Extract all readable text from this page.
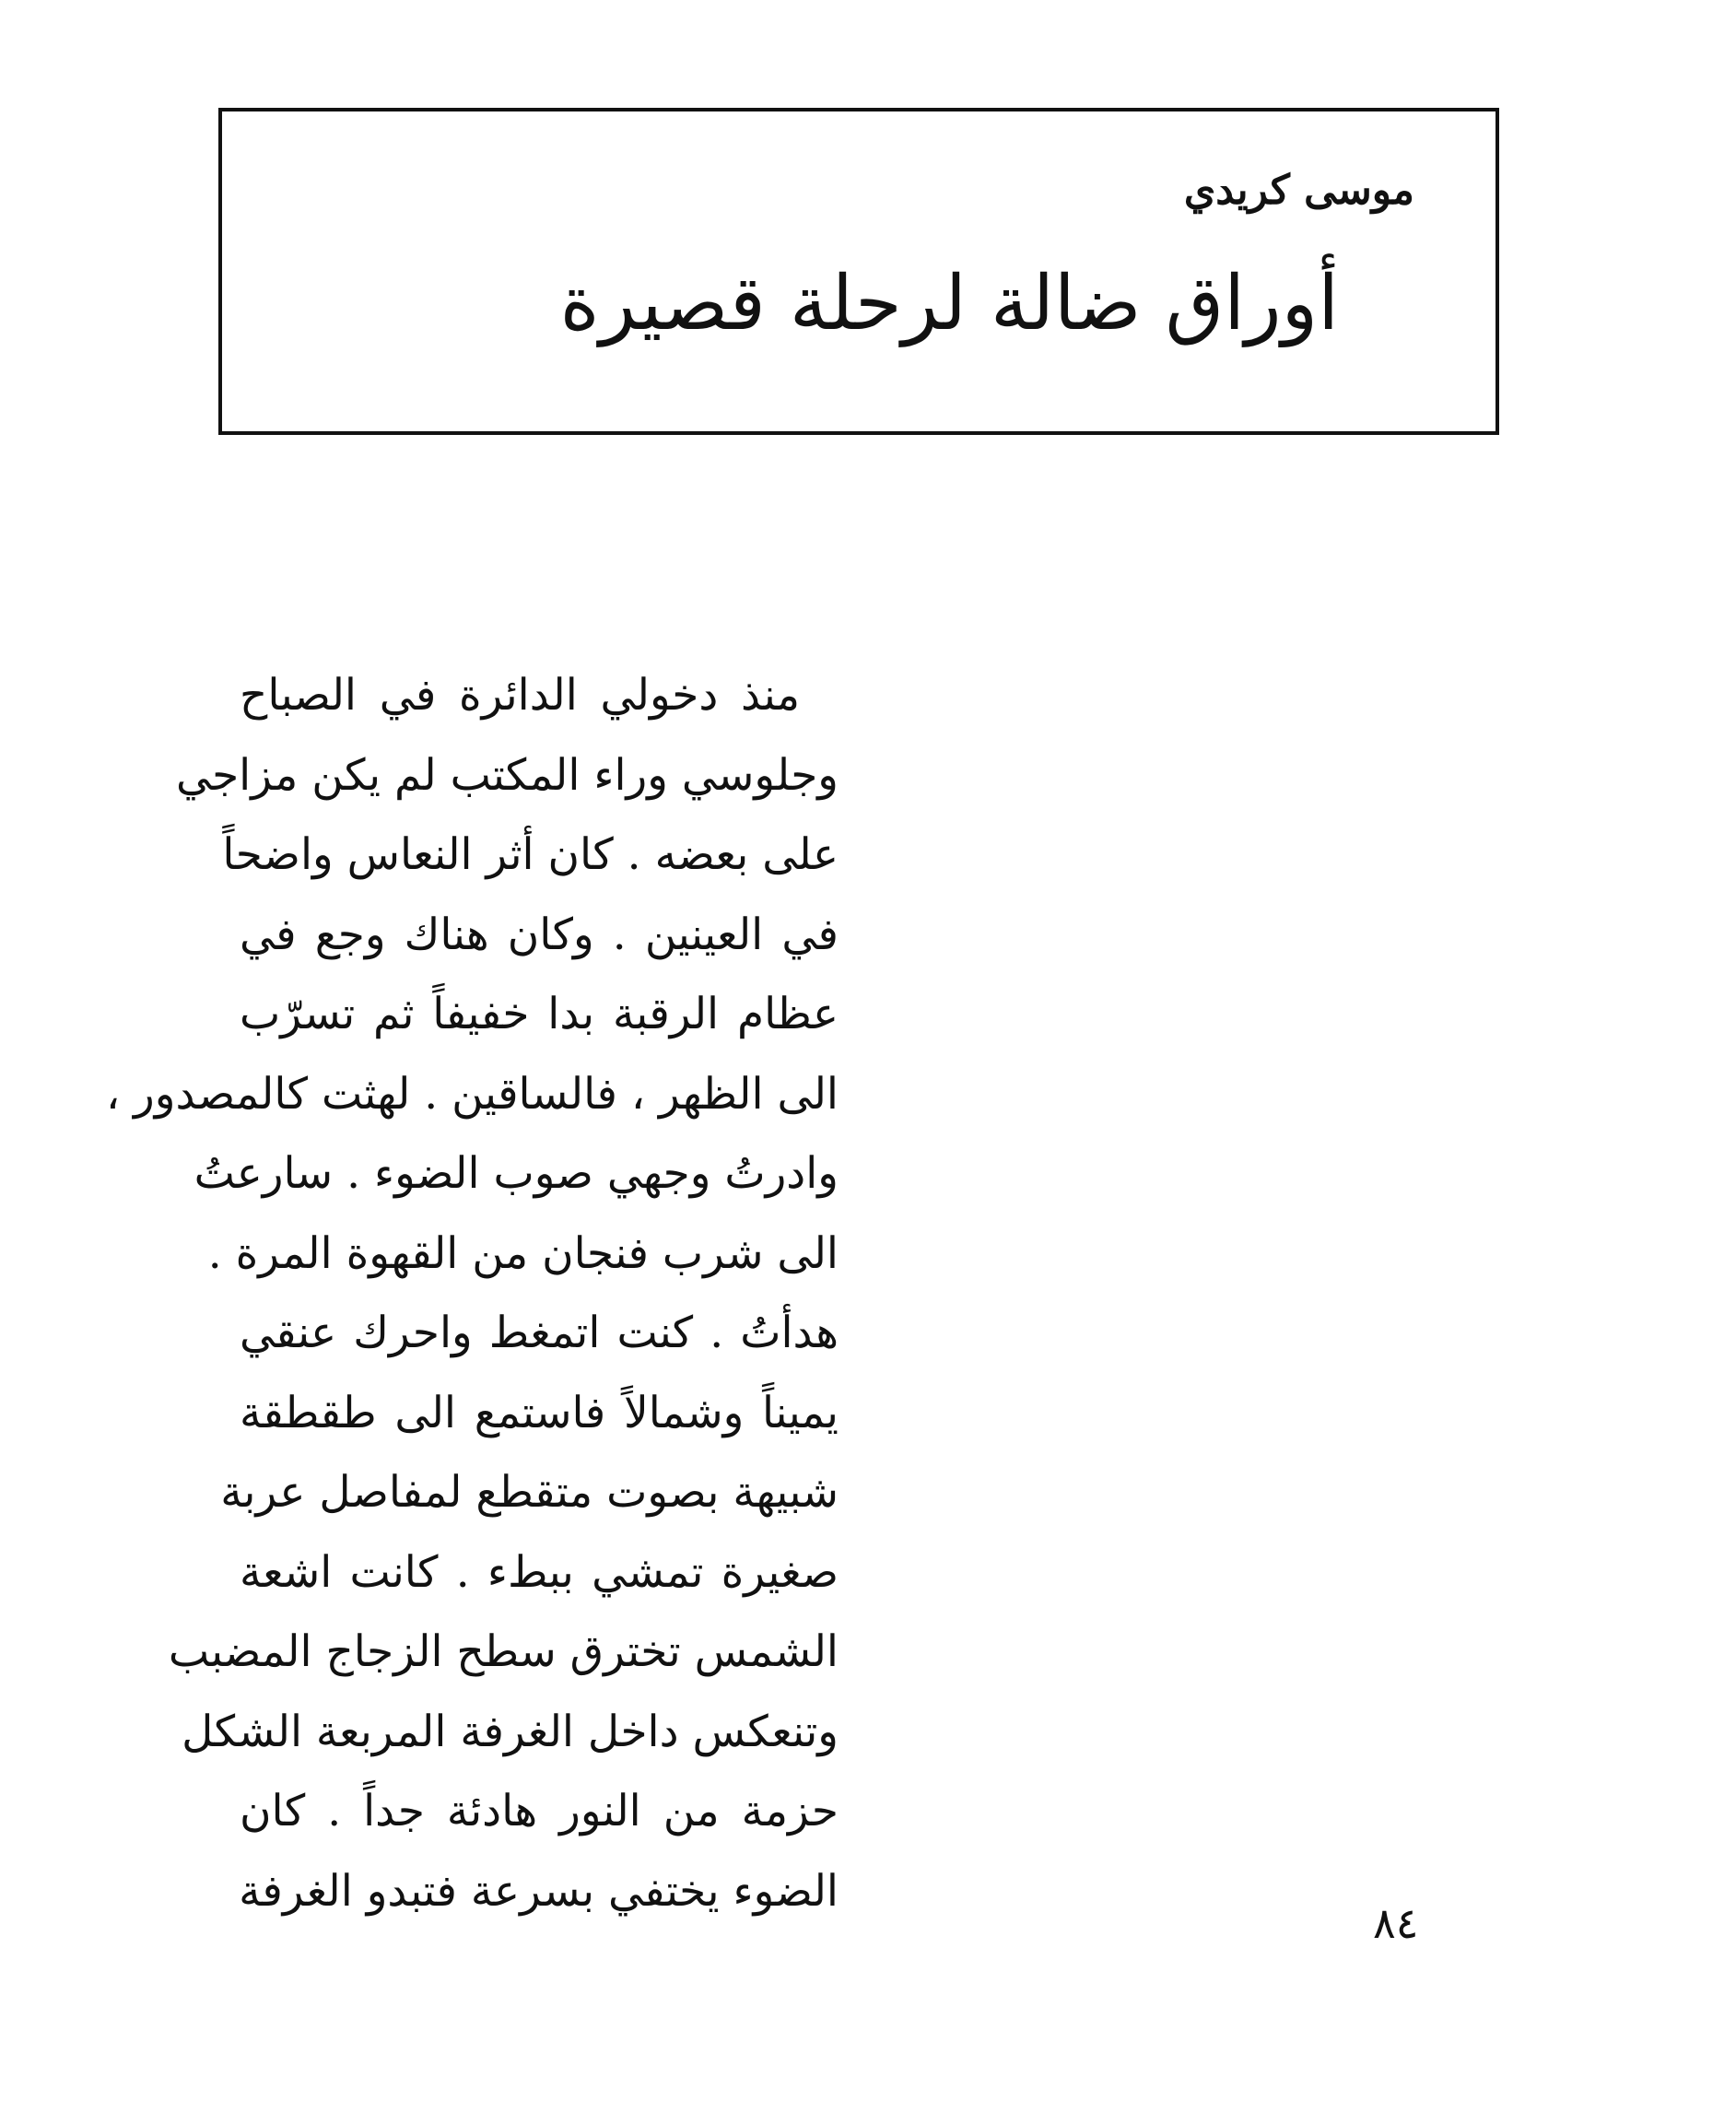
موسى كريدي
أوراق ضالة لرحلة قصيرة
منذ دخولي الدائرة في الصباح
وجلوسي وراء المكتب لم يكن مزاجي
على بعضه . كان أثر النعاس واضحاً
في العينين . وكان هناك وجع في
عظام الرقبة بدا خفيفاً ثم تسرّب
الى الظهر ، فالساقين . لهثت كالمصدور ،
وادرتُ وجهي صوب الضوء . سارعتُ
الى شرب فنجان من القهوة المرة .
هدأتُ . كنت اتمغط واحرك عنقي
يميناً وشمالاً فاستمع الى طقطقة
شبيهة بصوت متقطع لمفاصل عربة
صغيرة تمشي ببطء . كانت اشعة
الشمس تخترق سطح الزجاج المضبب
وتنعكس داخل الغرفة المربعة الشكل
حزمة من النور هادئة جداً . كان
الضوء يختفي بسرعة فتبدو الغرفة
٨٤
